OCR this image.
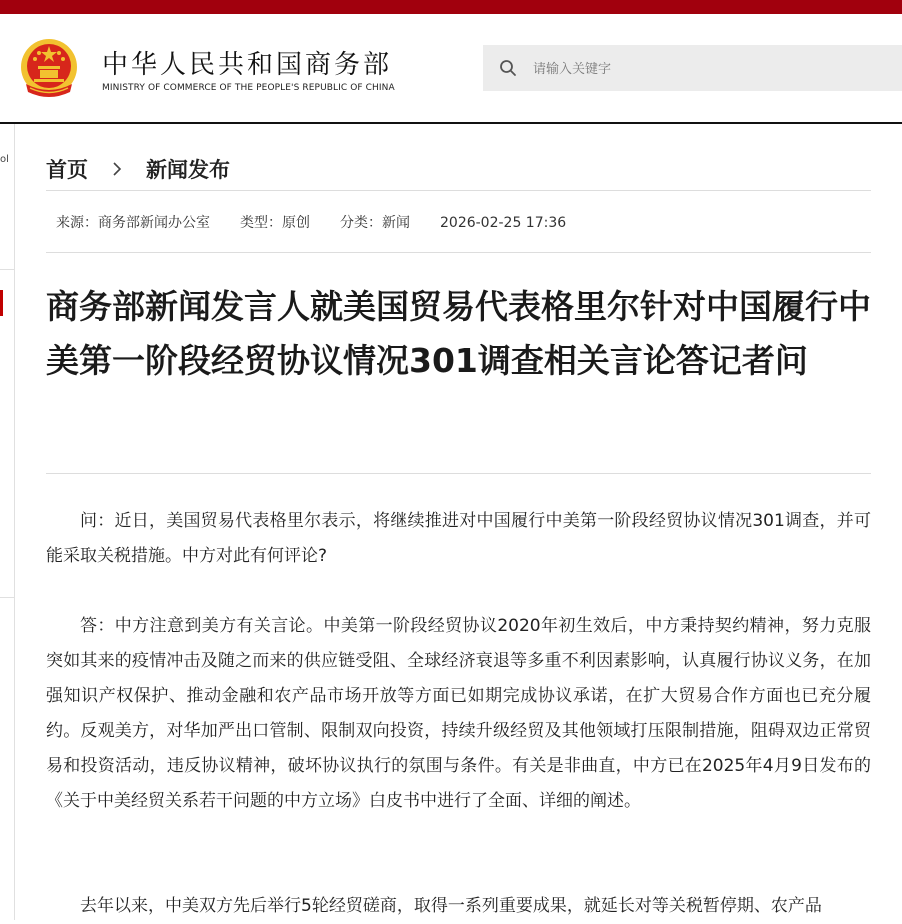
中华人民共和国商务部
MINISTRY OF COMMERCE OF THE PEOPLE'S REPUBLIC OF CHINA
请输入关键字
ol 首页	新闻发布
来源：商务部新闻办公室 类型：原创 分类：新闻 2026-02-25 17:36
商务部新闻发言人就美国贸易代表格里尔针对中国履行中美第一阶段经贸协议情况301调查相关言论答记者问

问：近日，美国贸易代表格里尔表示，将继续推进对中国履行中美第一阶段经贸协议情况301调查，并可能采取关税措施。中方对此有何评论?

答：中方注意到美方有关言论。中美第一阶段经贸协议2020年初生效后，中方秉持契约精神，努力克服突如其来的疫情冲击及随之而来的供应链受阻、全球经济衰退等多重不利因素影响，认真履行协议义务，在加强知识产权保护、推动金融和农产品市场开放等方面已如期完成协议承诺，在扩大贸易合作方面也已充分履约。反观美方，对华加严出口管制、限制双向投资，持续升级经贸及其他领域打压限制措施，阻碍双边正常贸易和投资活动，违反协议精神，破坏协议执行的氛围与条件。有关是非曲直，中方已在2025年4月9日发布的《关于中美经贸关系若干问题的中方立场》白皮书中进行了全面、详细的阐述。

去年以来，中美双方先后举行5轮经贸磋商，取得一系列重要成果，就延长对等关税暂停期、农产品
